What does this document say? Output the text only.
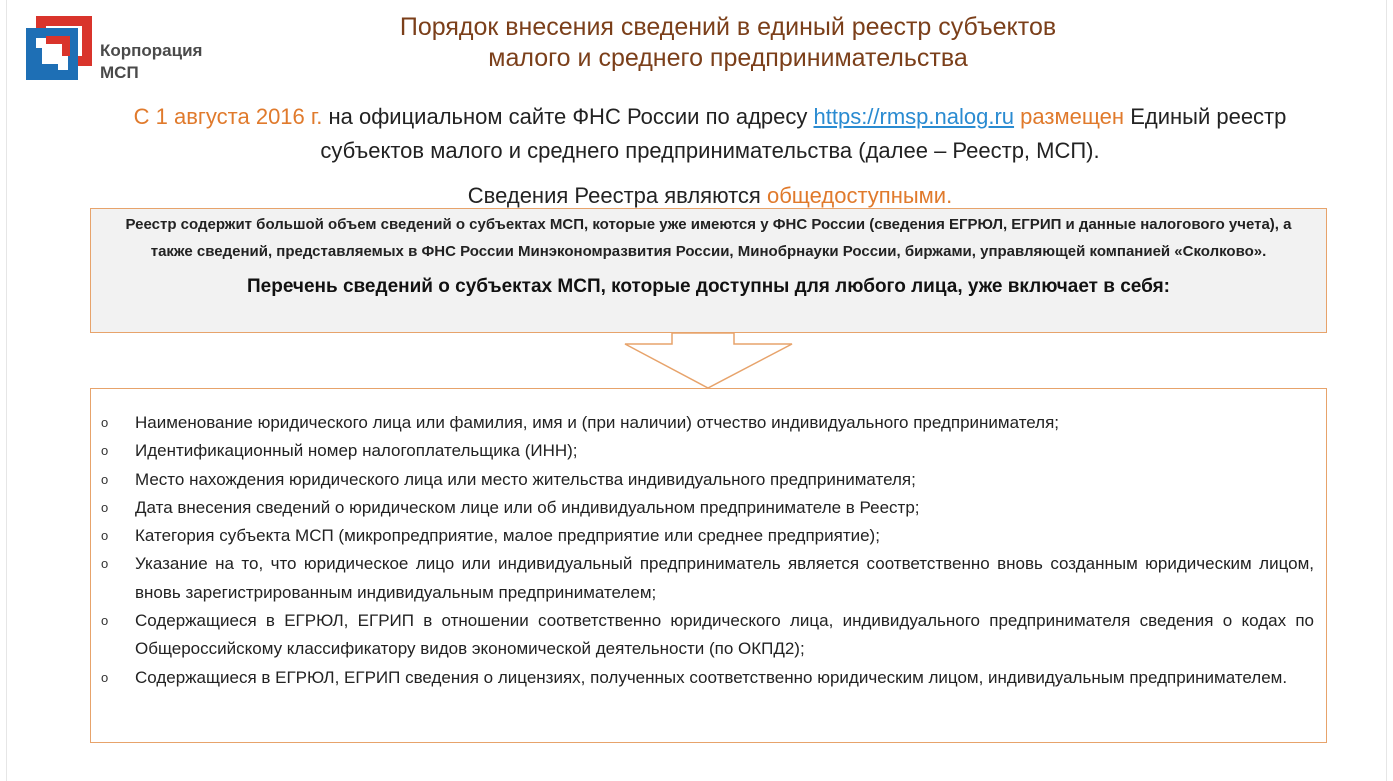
Корпорация
МСП
Порядок внесения сведений в единый реестр субъектов
малого и среднего предпринимательства
С 1 августа 2016 г. на официальном сайте ФНС России по адресу https://rmsp.nalog.ru размещен Единый реестр субъектов малого и среднего предпринимательства (далее – Реестр, МСП).
Сведения Реестра являются общедоступными.
Реестр содержит большой объем сведений о субъектах МСП, которые уже имеются у ФНС России (сведения ЕГРЮЛ, ЕГРИП и данные налогового учета), а также сведений, представляемых в ФНС России Минэкономразвития России, Минобрнауки России, биржами, управляющей компанией «Сколково».
Перечень сведений о субъектах МСП, которые доступны для любого лица, уже включает в себя:
o	Наименование юридического лица или фамилия, имя и (при наличии) отчество индивидуального предпринимателя;
o	Идентификационный номер налогоплательщика (ИНН);
o	Место нахождения юридического лица или место жительства индивидуального предпринимателя;
o	Дата внесения сведений о юридическом лице или об индивидуальном предпринимателе в Реестр;
o	Категория субъекта МСП (микропредприятие, малое предприятие или среднее предприятие);
o	Указание на то, что юридическое лицо или индивидуальный предприниматель является соответственно вновь созданным юридическим лицом, вновь зарегистрированным индивидуальным предпринимателем;
o	Содержащиеся в ЕГРЮЛ, ЕГРИП в отношении соответственно юридического лица, индивидуального предпринимателя сведения о кодах по Общероссийскому классификатору видов экономической деятельности (по ОКПД2);
o	Содержащиеся в ЕГРЮЛ, ЕГРИП сведения о лицензиях, полученных соответственно юридическим лицом, индивидуальным предпринимателем.
